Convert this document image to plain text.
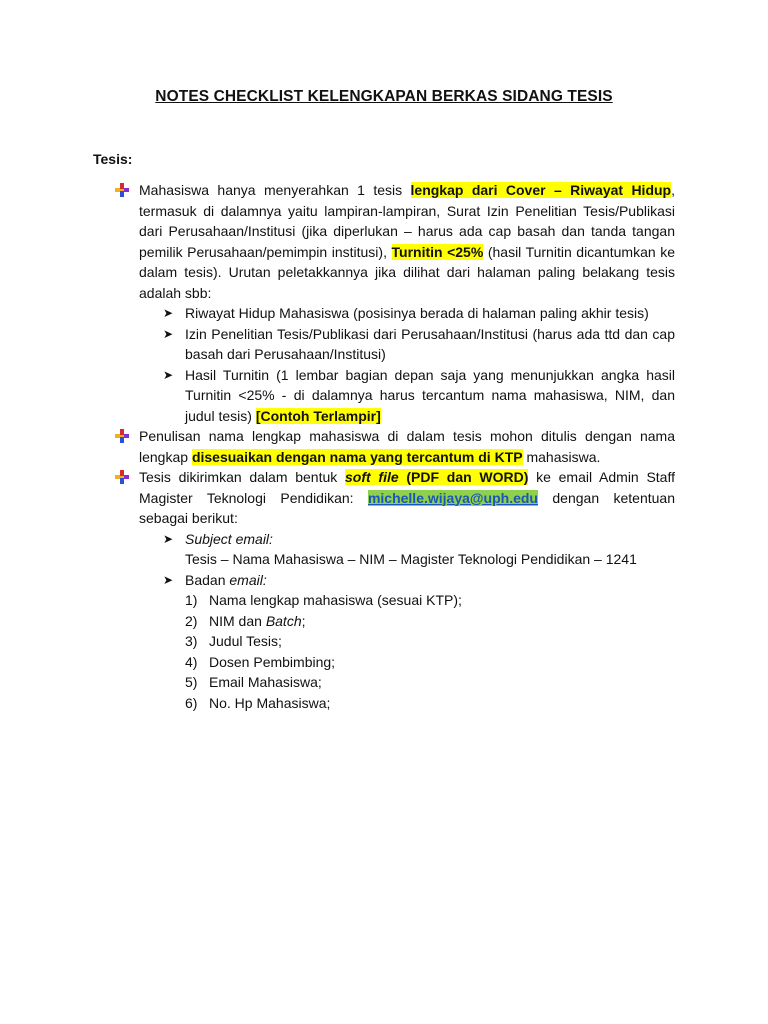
NOTES CHECKLIST KELENGKAPAN BERKAS SIDANG TESIS
Tesis:
Mahasiswa hanya menyerahkan 1 tesis lengkap dari Cover – Riwayat Hidup, termasuk di dalamnya yaitu lampiran-lampiran, Surat Izin Penelitian Tesis/Publikasi dari Perusahaan/Institusi (jika diperlukan – harus ada cap basah dan tanda tangan pemilik Perusahaan/pemimpin institusi), Turnitin <25% (hasil Turnitin dicantumkan ke dalam tesis). Urutan peletakkannya jika dilihat dari halaman paling belakang tesis adalah sbb:
➤ Riwayat Hidup Mahasiswa (posisinya berada di halaman paling akhir tesis)
➤ Izin Penelitian Tesis/Publikasi dari Perusahaan/Institusi (harus ada ttd dan cap basah dari Perusahaan/Institusi)
➤ Hasil Turnitin (1 lembar bagian depan saja yang menunjukkan angka hasil Turnitin <25% - di dalamnya harus tercantum nama mahasiswa, NIM, dan judul tesis) [Contoh Terlampir]
Penulisan nama lengkap mahasiswa di dalam tesis mohon ditulis dengan nama lengkap disesuaikan dengan nama yang tercantum di KTP mahasiswa.
Tesis dikirimkan dalam bentuk soft file (PDF dan WORD) ke email Admin Staff Magister Teknologi Pendidikan: michelle.wijaya@uph.edu dengan ketentuan sebagai berikut:
➤ Subject email:
Tesis – Nama Mahasiswa – NIM – Magister Teknologi Pendidikan – 1241
➤ Badan email:
1) Nama lengkap mahasiswa (sesuai KTP);
2) NIM dan Batch;
3) Judul Tesis;
4) Dosen Pembimbing;
5) Email Mahasiswa;
6) No. Hp Mahasiswa;
